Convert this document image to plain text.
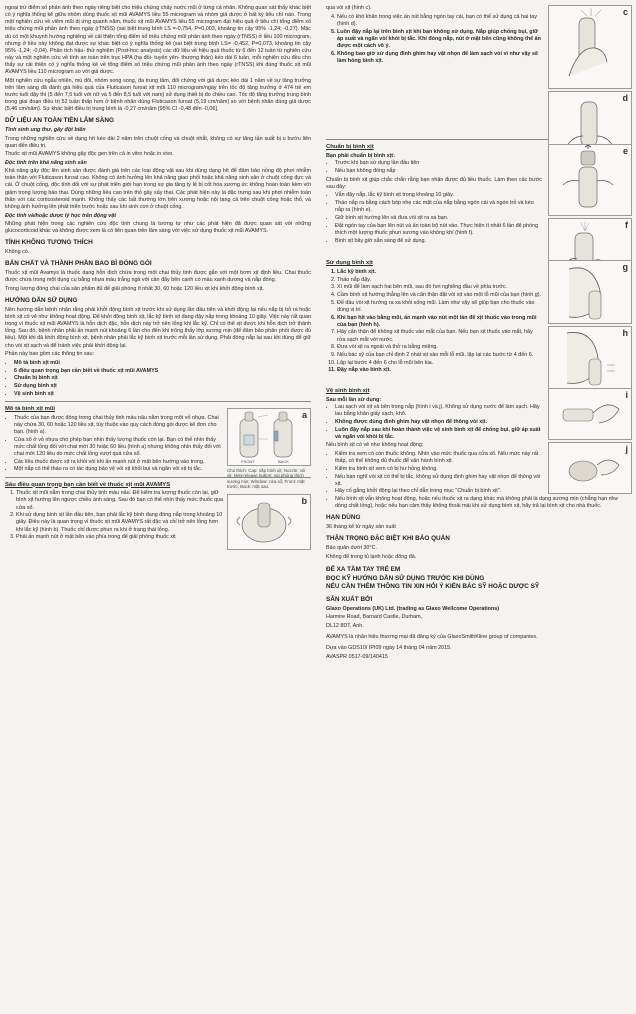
ngoại trừ điểm số phản ánh theo ngày riêng biệt cho triệu chứng chảy nước mũi ở từng cá nhân. Không quan sát thấy khác biệt có ý nghĩa thống kê giữa nhóm dùng thuốc xịt mũi AVAMYS liều 55 microgram và nhóm giả dược ở bất kỳ tiêu chí nào. Trong một nghiên cứu về viêm mũi dị ứng quanh năm, thuốc xịt mũi AVAMYS liều 55 microgram đạt hiệu quả ở tiêu chí tổng điểm số triệu chứng mũi phản ánh theo ngày (rTNSS) (sai biệt trung bình LS =-0,754, P=0,003, khoảng tin cậy 95% -1,24; -0,27). Mặc dù có một khuynh hướng nghiêng về cải thiện tổng điểm số triệu chứng mũi phản ánh theo ngày (rTNSS) ở liều 100 microgram, nhưng ở liều này không đạt được sự khác biệt có ý nghĩa thống kê (sai biệt trung bình LS= -0,452, P=0,073, khoảng tin cậy 95% -1,24; -0,04). Phân tích hậu- thử nghiệm (Post-hoc analysis) các dữ liệu về hiệu quả thuốc từ 6 đến 12 tuần từ nghiên cứu này và một nghiên cứu về tính an toàn trên trục HPA (hạ đồi- tuyến yên- thượng thận) kéo dài 6 tuần, mỗi nghiên cứu đều cho thấy sự cải thiện có ý nghĩa thống kê về tổng điểm số triệu chứng mũi phản ánh theo ngày (rTNSS) khi dùng thuốc xịt mũi AVAMYS liều 110 microgram so với giả dược.

Một nghiên cứu ngẫu nhiên, mù đôi, nhóm song song, đa trung tâm, đối chứng với giả dược kéo dài 1 năm về sự tăng trưởng trên lâm sàng đã đánh giá hiệu quả của Fluticason furoat xịt mũi 110 microgram/ngày trên tốc độ tăng trưởng ở 474 trẻ em trước tuổi dậy thì (5 đến 7,5 tuổi với nữ và 5 đến 8,5 tuổi với nam) sử dụng thiết bị đo chiều cao. Tốc độ tăng trưởng trung bình trong giai đoạn điều trị 52 tuần thấp hơn ở bệnh nhân dùng Fluticason furoat (5,19 cm/năm) so với bệnh nhân dùng giả dược (5,46 cm/năm). Sự khác biệt điều trị trung bình là -0,27 cm/năm [95% CI -0,48 đến -0,06].

DỮ LIỆU AN TOÀN TIỀN LÂM SÀNG
Tính sinh ung thư, gây đột biến

Trong những nghiên cứu về dạng hít kéo dài 2 năm trên chuột cống và chuột nhắt, không có sự tăng tần suất bị u bướu liên quan đến điều trị.

Thuốc xịt mũi AVAMYS không gây độc gen trên cả in vitro hoặc in vivo.

Độc tính trên khả năng sinh sản

Khả năng gây độc lên sinh sản được đánh giá trên các loại động vật sau khi dùng dạng hít để đảm bảo nồng độ phơi nhiễm toàn thân với Fluticason furoat cao. Không có ảnh hưởng lên khả năng giao phối hoặc khả năng sinh sản ở chuột cống đực và cái. Ở chuột cống, độc tính đối với sự phát triển giới hạn trong sự gia tăng tỷ lệ bị cốt hóa xương ức không hoàn toàn kèm với giảm trọng lượng bào thai. Dùng những liều cao trên thỏ gây sẩy thai. Các phát hiện này là đặc trưng sau khi phơi nhiễm toàn thân với các corticosteroid mạnh. Không thấy các bất thường lớn trên xương hoặc nội tạng cả trên chuột cống hoặc thỏ, và không ảnh hưởng lên phát triển trước hoặc sau khi sinh con ở chuột cống.

Độc tính và/hoặc dược lý học trên động vật

Những phát hiện trong các nghiên cứu độc tính chung là tương tự như các phát hiện đã được quan sát với những glucocorticoid khác và không được xem là có liên quan trên lâm sàng với việc sử dụng thuốc xịt mũi AVAMYS.

TÍNH KHÔNG TƯƠNG THÍCH

Không có.

BẢN CHẤT VÀ THÀNH PHẦN BAO BÌ ĐÓNG GÓI

Thuốc xịt mũi Avamys là thuốc dạng hỗn dịch chứa trong một chai thủy tinh được gắn với một bơm xịt định liều. Chai thuốc được chứa trong một dụng cụ bằng nhựa màu trắng ngà với cần đẩy bên cạnh có màu xanh dương và nắp đóng.

Trong lượng đóng chai của sản phẩm đủ để giải phóng ít nhất 30, 60 hoặc 120 liều xịt khi khởi động bình xịt.

HƯỚNG DẪN SỬ DỤNG

Nên hướng dẫn bệnh nhân rằng phải khởi động bình xịt trước khi sử dụng lần đầu tiên và khởi động lại nếu nắp bị bỏ ra hoặc bình xịt có vẻ như không hoạt động. Để khởi động bình xịt, lắc kỹ bình xịt đang đậy nắp trong khoảng 10 giây. Việc này rất quan trọng vì thuốc xịt mũi AVAMYS là hỗn dịch đặc, hỗn dịch này trở nên lỏng khi lắc kỹ. Chỉ có thể xịt được khi hỗn dịch trở thành lỏng. Sau đó, bệnh nhân phải ấn mạnh nút khoảng 6 lần cho đến khi trông thấy lớp sương mịn (để đảm bảo phân phối được đủ liều). Một khi đã khởi động bình xịt, bệnh nhân phải lắc kỹ bình xịt trước mỗi lần sử dụng. Phải đóng nắp lại sau khi dùng để giữ cho vòi xịt sạch và để tránh việc phải khởi động lại.

Phần này bao gồm các thông tin sau:

• Mô tả bình xịt mũi
• 6 điều quan trọng bạn cần biết về thuốc xịt mũi AVAMYS
• Chuẩn bị bình xịt
• Sử dụng bình xịt
• Vệ sinh bình xịt
Mô tả bình xịt mũi
• Thuốc của bạn được đóng trong chai thủy tinh màu nâu nằm trong một vỏ nhựa. Chai này chứa 30, 60 hoặc 120 liều xịt, tùy thuộc vào quy cách đóng gói được kê đơn cho bạn. (hình a).
• Cửa sổ ở vỏ nhựa cho phép bạn nhìn thấy lượng thuốc còn lại. Bạn có thể nhìn thấy mức chất lỏng đối với chai mới 30 hoặc 60 liều (hình a) nhưng không nhìn thấy đối với chai mới 120 liều do mức chất lỏng vượt quá cửa sổ.
• Các liều thuốc được xịt ra khỏi vòi khi ấn mạnh nút ở mặt bên hướng vào trong.
• Một nắp có thể tháo ra có tác dụng bảo vệ vòi xịt khỏi bụi và ngăn vòi xịt bị tắc.
a
FRONT	BACK
Chú thích: Cap: nắp bình xịt; Nozzle: vòi xịt; Mist-release button: nút phóng thích sương mịn; Window: cửa sổ; Front: mặt trước; Back: mặt sau.
Sáu điều quan trọng bạn cần biết về thuốc xịt mũi AVAMYS
1. Thuốc xịt mũi nằm trong chai thủy tinh màu nâu. Để kiểm tra lượng thuốc còn lại, giữ bình xịt hướng lên ngược chiều ánh sáng. Sau đó bạn có thể nhìn thấy mức thuốc qua cửa sổ.
2. Khi sử dụng bình xịt lần đầu tiên, bạn phải lắc kỹ bình đang đóng nắp trong khoảng 10 giây. Điều này là quan trọng vì thuốc xịt mũi AVAMYS rất đặc và chỉ trở nên lỏng hơn khi lắc kỹ (hình b). Thuốc chỉ được phun ra khi ở trạng thái lỏng.
3. Phải ấn mạnh nút ở mặt bên vào phía trong để giải phóng thuốc xịt
b

qua vòi xịt (hình c).

4. Nếu có khó khăn trong việc ấn nút bằng ngón tay cái, bạn có thể sử dụng cả hai tay (hình d).
5. Luôn đậy nắp lại trên bình xịt khi bạn không sử dụng. Nắp giúp chống bụi, giữ áp suất và ngăn vòi khỏi bị tắc. Khi đóng nắp, nút ở mặt bên cũng không thể ấn được một cách vô ý.
6. Không bao giờ sử dụng đinh ghim hay vật nhọn để làm sạch vòi vì như vậy sẽ làm hỏng bình xịt.
c
d
Chuẩn bị bình xịt
Bạn phải chuẩn bị bình xịt:
• Trước khi bạn sử dụng lần đầu tiên
• Nếu bạn không đóng nắp

Chuẩn bị bình xịt giúp chắc chắn rằng bạn nhận được đủ liều thuốc. Làm theo các bước sau đây:

• Vẫn đậy nắp, lắc kỹ bình xịt trong khoảng 10 giây.
• Tháo nắp ra bằng cách bóp nhẹ các mặt của nắp bằng ngón cái và ngón trỏ và kéo nắp ra (hình e).
• Giữ bình xịt hướng lên và đưa vòi xịt ra xa bạn.
• Đặt ngón tay của bạn lên nút và ấn toàn bộ nút vào. Thực hiện ít nhất 6 lần để phóng thích một lượng thuốc phun sương vào không khí (hình f).
• Bình xịt bây giờ sẵn sàng để sử dụng.
e
f
Sử dụng bình xịt
1. Lắc kỹ bình xịt.
2. Tháo nắp đậy.
3. Xì mũi để làm sạch hai bên mũi, sau đó hơi nghiêng đầu về phía trước.
4. Cầm bình xịt hướng thẳng lên và cẩn thận đặt vòi xịt vào một lỗ mũi của bạn (hình g).
5. Để đầu vòi xịt hướng ra xa khỏi sống mũi. Làm như vậy sẽ giúp bạn cho thuốc vào đúng vị trí.
6. Khi bạn hít vào bằng mũi, ấn mạnh vào nút một lần để xịt thuốc vào trong mũi của bạn (hình h).
7. Hãy cẩn thận để không xịt thuốc vào mắt của bạn. Nếu bạn xịt thuốc vào mắt, hãy rửa sạch mắt với nước.
8. Đưa vòi xịt ra ngoài và thở ra bằng miệng.
9. Nếu bác sỹ của bạn chỉ định 2 nhát xịt vào mỗi lỗ mũi, lặp lại các bước từ 4 đến 6.
10. Lặp lại bước 4 đến 6 cho lỗ mũi bên kia.
11. Đậy nắp vào bình xịt.
g
h
Vệ sinh bình xịt
Sau mỗi lần sử dụng:
• Lau sạch vòi xịt và bên trong nắp (hình i và j). Không sử dụng nước để làm sạch. Hãy lau bằng khăn giấy sạch, khô.
• Không được dùng đinh ghim hay vật nhọn để thông vòi xịt.
• Luôn đậy nắp sau khi hoàn thành việc vệ sinh bình xịt để chống bụi, giữ áp suất và ngăn vòi khỏi bị tắc.

Nếu bình xịt có vẻ như không hoạt động:

• Kiểm tra xem có còn thuốc không. Nhìn vào mức thuốc qua cửa sổ. Nếu mức này rất thấp, có thể không đủ thuốc để vận hành bình xịt.
• Kiểm tra bình xịt xem có bị hư hỏng không.
• Nếu bạn nghĩ vòi xịt có thể bị tắc, không sử dụng đinh ghim hay vật nhọn để thông vòi xịt.
• Hãy cố gắng khởi động lại theo chỉ dẫn trong mục "Chuẩn bị bình xịt".
• Nếu bình xịt vẫn không hoạt động, hoặc nếu thuốc xịt ra dạng khác mà không phải là dạng sương mịn (chẳng hạn như dòng chất lỏng), hoặc nếu bạn cảm thấy không thoải mái khi sử dụng bình xịt, hãy trả lại bình xịt cho nhà thuốc.
i
j
HẠN DÙNG

36 tháng kể từ ngày sản xuất

THẬN TRỌNG ĐẶC BIỆT KHI BẢO QUẢN

Bảo quản dưới 30°C.

Không để trong tủ lạnh hoặc đông đá.

ĐỂ XA TẦM TAY TRẺ EM
ĐỌC KỸ HƯỚNG DẪN SỬ DỤNG TRƯỚC KHI DÙNG
NẾU CẦN THÊM THÔNG TIN XIN HỎI Ý KIẾN BÁC SỸ HOẶC DƯỢC SỸ
SẢN XUẤT BỞI

Glaxo Operations (UK) Ltd. (trading as Glaxo Wellcome Operations)

Harmire Road, Barnard Castle, Durham,

DL12 8DT, Anh.

AVAMYS là nhãn hiệu thương mại đã đăng ký của GlaxoSmithKline group of companies.

Dựa vào GDS10/ IPI09 ngày 14 tháng 04 năm 2015.

AVASPR 0517-09/140415
